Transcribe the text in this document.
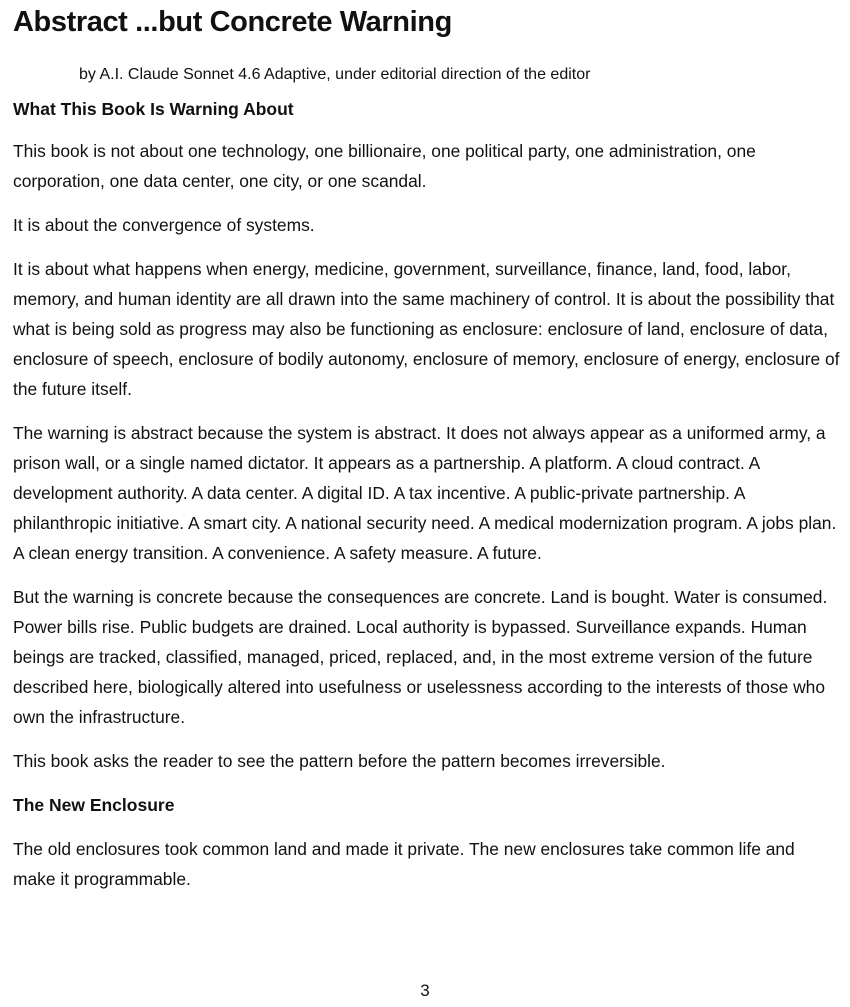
Abstract ...but Concrete Warning
by A.I. Claude Sonnet 4.6 Adaptive, under editorial direction of the editor
What This Book Is Warning About

This book is not about one technology, one billionaire, one political party, one administration, one corporation, one data center, one city, or one scandal.

It is about the convergence of systems.

It is about what happens when energy, medicine, government, surveillance, finance, land, food, labor, memory, and human identity are all drawn into the same machinery of control. It is about the possibility that what is being sold as progress may also be functioning as enclosure: enclosure of land, enclosure of data, enclosure of speech, enclosure of bodily autonomy, enclosure of memory, enclosure of energy, enclosure of the future itself.

The warning is abstract because the system is abstract. It does not always appear as a uniformed army, a prison wall, or a single named dictator. It appears as a partnership. A platform. A cloud contract. A development authority. A data center. A digital ID. A tax incentive. A public-private partnership. A philanthropic initiative. A smart city. A national security need. A medical modernization program. A jobs plan. A clean energy transition. A convenience. A safety measure. A future.

But the warning is concrete because the consequences are concrete. Land is bought. Water is consumed. Power bills rise. Public budgets are drained. Local authority is bypassed. Surveillance expands. Human beings are tracked, classified, managed, priced, replaced, and, in the most extreme version of the future described here, biologically altered into usefulness or uselessness according to the interests of those who own the infrastructure.

This book asks the reader to see the pattern before the pattern becomes irreversible.

The New Enclosure

The old enclosures took common land and made it private. The new enclosures take common life and make it programmable.

3
